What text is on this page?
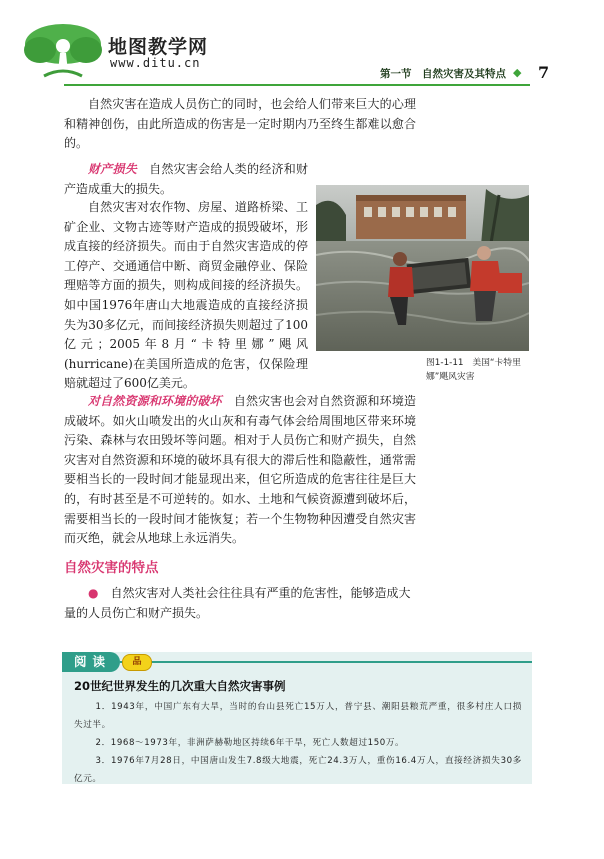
地图教学网
www.ditu.cn
第一节　自然灾害及其特点 ◆ 7
自然灾害在造成人员伤亡的同时，也会给人们带来巨大的心理和精神创伤，由此所造成的伤害是一定时期内乃至终生都难以愈合的。
财产损失　自然灾害会给人类的经济和财产造成重大的损失。
自然灾害对农作物、房屋、道路桥梁、工矿企业、文物古迹等财产造成的损毁破坏，形成直接的经济损失。而由于自然灾害造成的停工停产、交通通信中断、商贸金融停业、保险理赔等方面的损失，则构成间接的经济损失。如中国1976年唐山大地震造成的直接经济损失为30多亿元，而间接经济损失则超过了100亿元；2005年8月“卡特里娜”飓风(hurricane)在美国所造成的危害，仅保险理赔就超过了600亿美元。
对自然资源和环境的破坏　自然灾害也会对自然资源和环境造成破坏。如火山喷发出的火山灰和有毒气体会给周围地区带来环境污染、森林与农田毁坏等问题。相对于人员伤亡和财产损失，自然灾害对自然资源和环境的破坏具有很大的滞后性和隐蔽性，通常需要相当长的一段时间才能显现出来，但它所造成的危害往往是巨大的，有时甚至是不可逆转的。如水、土地和气候资源遭到破坏后，需要相当长的一段时间才能恢复；若一个生物物种因遭受自然灾害而灭绝，就会从地球上永远消失。
图1-1-11　美国“卡特里娜”飓风灾害
自然灾害的特点
●　自然灾害对人类社会往往具有严重的危害性，能够造成大量的人员伤亡和财产损失。
阅读	品
20世纪世界发生的几次重大自然灾害事例
1．1943年，中国广东有大旱，当时的台山县死亡15万人，普宁县、潮阳县粮荒严重，很多村庄人口损失过半。
2．1968～1973年，非洲萨赫勒地区持续6年干旱，死亡人数超过150万。
3．1976年7月28日，中国唐山发生7.8级大地震，死亡24.3万人，重伤16.4万人，直接经济损失30多亿元。
